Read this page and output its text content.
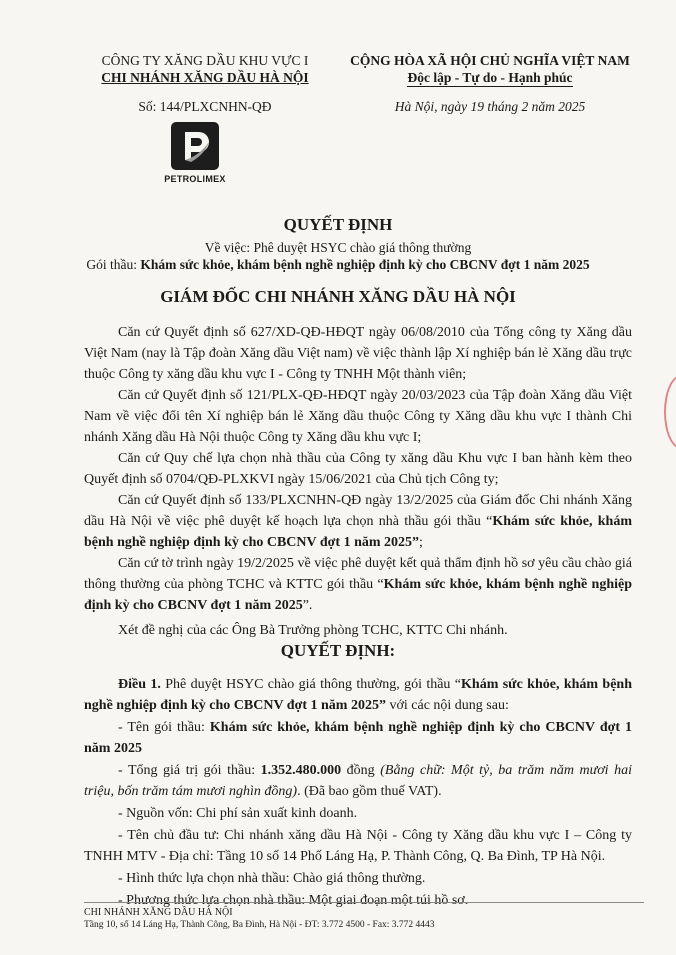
CÔNG TY XĂNG DẦU KHU VỰC I
CHI NHÁNH XĂNG DẦU HÀ NỘI
Số: 144/PLXCNHN-QĐ
CỘNG HÒA XÃ HỘI CHỦ NGHĨA VIỆT NAM
Độc lập - Tự do - Hạnh phúc
Hà Nội, ngày 19 tháng 2 năm 2025
PETROLIMEX
QUYẾT ĐỊNH
Về việc: Phê duyệt HSYC chào giá thông thường
Gói thầu: Khám sức khỏe, khám bệnh nghề nghiệp định kỳ cho CBCNV đợt 1 năm 2025
GIÁM ĐỐC CHI NHÁNH XĂNG DẦU HÀ NỘI

Căn cứ Quyết định số 627/XD-QĐ-HĐQT ngày 06/08/2010 của Tổng công ty Xăng dầu Việt Nam (nay là Tập đoàn Xăng dầu Việt nam) về việc thành lập Xí nghiệp bán lẻ Xăng dầu trực thuộc Công ty xăng dầu khu vực I - Công ty TNHH Một thành viên;

Căn cứ Quyết định số 121/PLX-QĐ-HĐQT ngày 20/03/2023 của Tập đoàn Xăng dầu Việt Nam về việc đổi tên Xí nghiệp bán lẻ Xăng dầu thuộc Công ty Xăng dầu khu vực I thành Chi nhánh Xăng dầu Hà Nội thuộc Công ty Xăng dầu khu vực I;

Căn cứ Quy chế lựa chọn nhà thầu của Công ty xăng dầu Khu vực I ban hành kèm theo Quyết định số 0704/QĐ-PLXKVI ngày 15/06/2021 của Chủ tịch Công ty;

Căn cứ Quyết định số 133/PLXCNHN-QĐ ngày 13/2/2025 của Giám đốc Chi nhánh Xăng dầu Hà Nội về việc phê duyệt kế hoạch lựa chọn nhà thầu gói thầu “Khám sức khỏe, khám bệnh nghề nghiệp định kỳ cho CBCNV đợt 1 năm 2025”;

Căn cứ tờ trình ngày 19/2/2025 về việc phê duyệt kết quả thẩm định hồ sơ yêu cầu chào giá thông thường của phòng TCHC và KTTC gói thầu “Khám sức khỏe, khám bệnh nghề nghiệp định kỳ cho CBCNV đợt 1 năm 2025”.

Xét đề nghị của các Ông Bà Trưởng phòng TCHC, KTTC Chi nhánh.

QUYẾT ĐỊNH:

Điều 1. Phê duyệt HSYC chào giá thông thường, gói thầu “Khám sức khỏe, khám bệnh nghề nghiệp định kỳ cho CBCNV đợt 1 năm 2025” với các nội dung sau:

- Tên gói thầu: Khám sức khỏe, khám bệnh nghề nghiệp định kỳ cho CBCNV đợt 1 năm 2025

- Tổng giá trị gói thầu: 1.352.480.000 đồng (Bằng chữ: Một tỷ, ba trăm năm mươi hai triệu, bốn trăm tám mươi nghìn đồng). (Đã bao gồm thuế VAT).

- Nguồn vốn: Chi phí sản xuất kinh doanh.

- Tên chủ đầu tư: Chi nhánh xăng dầu Hà Nội - Công ty Xăng dầu khu vực I – Công ty TNHH MTV - Địa chỉ: Tầng 10 số 14 Phố Láng Hạ, P. Thành Công, Q. Ba Đình, TP Hà Nội.

- Hình thức lựa chọn nhà thầu: Chào giá thông thường.

- Phương thức lựa chọn nhà thầu: Một giai đoạn một túi hồ sơ.

CHI NHÁNH XĂNG DẦU HÀ NỘI
Tầng 10, số 14 Láng Hạ, Thành Công, Ba Đình, Hà Nội - ĐT: 3.772 4500 - Fax: 3.772 4443
